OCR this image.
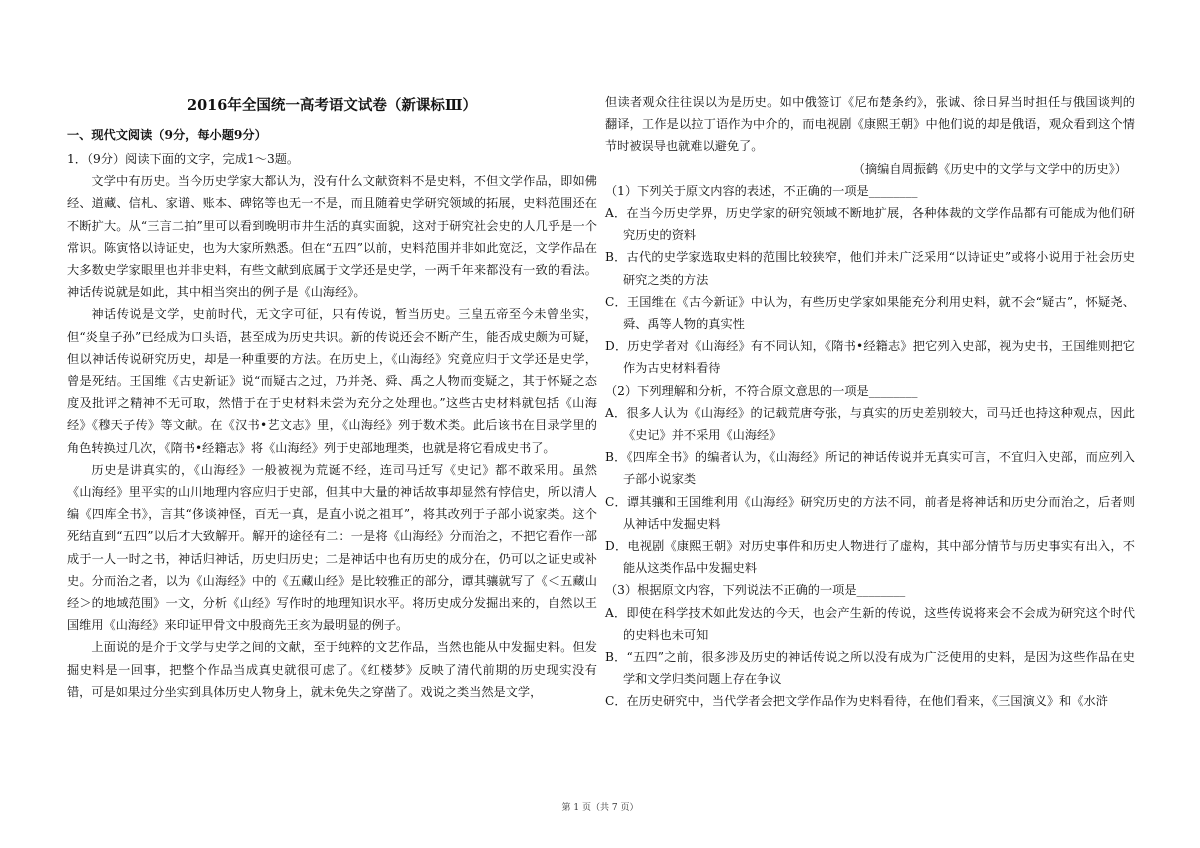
2016年全国统一高考语文试卷（新课标Ⅲ）
一、现代文阅读（9分，每小题9分）

1．（9分）阅读下面的文字，完成1～3题。

文学中有历史。当今历史学家大都认为，没有什么文献资料不是史料，不但文学作品，即如佛经、道藏、信札、家谱、账本、碑铭等也无一不是，而且随着史学研究领域的拓展，史料范围还在不断扩大。从“三言二拍”里可以看到晚明市井生活的真实面貌，这对于研究社会史的人几乎是一个常识。陈寅恪以诗证史，也为大家所熟悉。但在“五四”以前，史料范围并非如此宽泛，文学作品在大多数史学家眼里也并非史料，有些文献到底属于文学还是史学，一两千年来都没有一致的看法。神话传说就是如此，其中相当突出的例子是《山海经》。

神话传说是文学，史前时代，无文字可征，只有传说，暂当历史。三皇五帝至今未曾坐实，但“炎皇子孙”已经成为口头语，甚至成为历史共识。新的传说还会不断产生，能否成史颇为可疑，但以神话传说研究历史，却是一种重要的方法。在历史上，《山海经》究竟应归于文学还是史学，曾是死结。王国维《古史新证》说“而疑古之过，乃并尧、舜、禹之人物而变疑之，其于怀疑之态度及批评之精神不无可取，然惜于在于史材料未尝为充分之处理也。”这些古史材料就包括《山海经》《穆天子传》等文献。在《汉书•艺文志》里，《山海经》列于数术类。此后该书在目录学里的角色转换过几次，《隋书•经籍志》将《山海经》列于史部地理类，也就是将它看成史书了。

历史是讲真实的，《山海经》一般被视为荒诞不经，连司马迁写《史记》都不敢采用。虽然《山海经》里平实的山川地理内容应归于史部，但其中大量的神话故事却显然有悖信史，所以清人编《四库全书》，言其“侈谈神怪，百无一真，是直小说之祖耳”，将其改列于子部小说家类。这个死结直到“五四”以后才大致解开。解开的途径有二：一是将《山海经》分而治之，不把它看作一部成于一人一时之书，神话归神话，历史归历史；二是神话中也有历史的成分在，仍可以之证史或补史。分而治之者，以为《山海经》中的《五藏山经》是比较雅正的部分，谭其骧就写了《＜五藏山经＞的地域范围》一文，分析《山经》写作时的地理知识水平。将历史成分发掘出来的，自然以王国维用《山海经》来印证甲骨文中殷商先王亥为最明显的例子。

上面说的是介于文学与史学之间的文献，至于纯粹的文艺作品，当然也能从中发掘史料。但发掘史料是一回事，把整个作品当成真史就很可虑了。《红楼梦》反映了清代前期的历史现实没有错，可是如果过分坐实到具体历史人物身上，就未免失之穿凿了。戏说之类当然是文学，

但读者观众往往误以为是历史。如中俄签订《尼布楚条约》，张诚、徐日昇当时担任与俄国谈判的翻译，工作是以拉丁语作为中介的，而电视剧《康熙王朝》中他们说的却是俄语，观众看到这个情节时被误导也就难以避免了。

（摘编自周振鹤《历史中的文学与文学中的历史》）

（1）下列关于原文内容的表述，不正确的一项是________

A．在当今历史学界，历史学家的研究领域不断地扩展，各种体裁的文学作品都有可能成为他们研究历史的资料

B．古代的史学家选取史料的范围比较狭窄，他们并未广泛采用“以诗证史”或将小说用于社会历史研究之类的方法

C．王国维在《古今新证》中认为，有些历史学家如果能充分利用史料，就不会“疑古”，怀疑尧、舜、禹等人物的真实性

D．历史学者对《山海经》有不同认知，《隋书•经籍志》把它列入史部，视为史书，王国维则把它作为古史材料看待

（2）下列理解和分析，不符合原文意思的一项是________

A．很多人认为《山海经》的记载荒唐夸张，与真实的历史差别较大，司马迁也持这种观点，因此《史记》并不采用《山海经》

B．《四库全书》的编者认为，《山海经》所记的神话传说并无真实可言，不宜归入史部，而应列入子部小说家类

C．谭其骧和王国维利用《山海经》研究历史的方法不同，前者是将神话和历史分而治之，后者则从神话中发掘史料

D．电视剧《康熙王朝》对历史事件和历史人物进行了虚构，其中部分情节与历史事实有出入，不能从这类作品中发掘史料

（3）根据原文内容，下列说法不正确的一项是________

A．即使在科学技术如此发达的今天，也会产生新的传说，这些传说将来会不会成为研究这个时代的史料也未可知

B．“五四”之前，很多涉及历史的神话传说之所以没有成为广泛使用的史料，是因为这些作品在史学和文学归类问题上存在争议

C．在历史研究中，当代学者会把文学作品作为史料看待，在他们看来，《三国演义》和《水浒

第 1 页（共 7 页）
